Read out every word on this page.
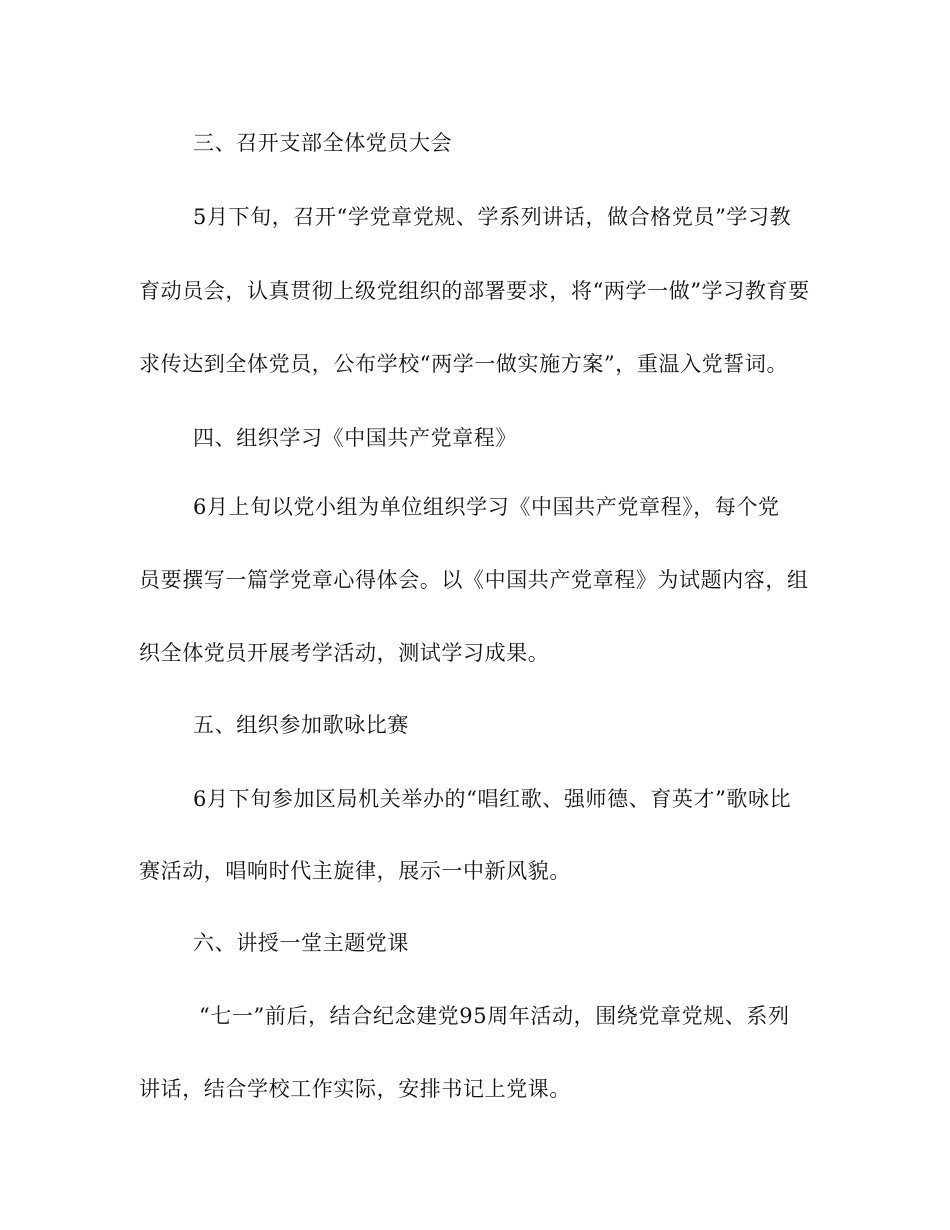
三、召开支部全体党员大会
5月下旬，召开“学党章党规、学系列讲话，做合格党员”学习教
育动员会，认真贯彻上级党组织的部署要求，将“两学一做”学习教育要
求传达到全体党员，公布学校“两学一做实施方案”，重温入党誓词。
四、组织学习《中国共产党章程》
6月上旬以党小组为单位组织学习《中国共产党章程》，每个党
员要撰写一篇学党章心得体会。以《中国共产党章程》为试题内容，组
织全体党员开展考学活动，测试学习成果。
五、组织参加歌咏比赛
6月下旬参加区局机关举办的“唱红歌、强师德、育英才”歌咏比
赛活动，唱响时代主旋律，展示一中新风貌。
六、讲授一堂主题党课
“七一”前后，结合纪念建党95周年活动，围绕党章党规、系列
讲话，结合学校工作实际，安排书记上党课。
